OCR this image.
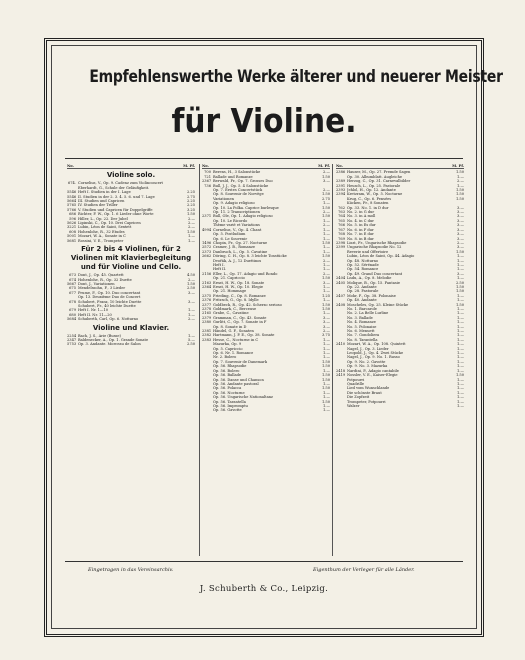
Empfehlenswerthe Werke älterer und neuerer Meister
für Violine.
No.	M. Pf.
Violine solo.
674. Cornelius, V., Op. 9. Cadenz zum Violinconcert
Eberhardt, G., Schule der Geläufigkeit.
5546 Heft I. Studien in der I. Lage	2.25
5546 II. Studien in der 2. 3. 4. 5. 6. und 7. Lage	2.75
5664 III. Studien und Capricen	2.25
5765 IV. Studien der Triller	2.25
5766 V. Studien und Capricen für Doppelgriffe	3.25
686 Richter, F. W., Op. 1. 6 Lieder ohne Worte	1.50
596 Hiller, L., Op. 22. Der Jubel	2.—
5626 Lipinski, C., Op. 10. Drei Capricen	2.—
3221 Lubin, Léon de Saint, Sextett	2.—
608 Hohenlohe, R., 32 Etudes	1.50
5001 Mozart, W. A., Sonate in C	1.—
5681 Rossini, V. E., Trompeter	1.—
Für 2 bis 4 Violinen, für 2 Violinen mit Klavierbegleitung und für Violine und Cello.
673 Dont, J., Op. 45. Quartett	4.50
674 Hohenlohe, R., Op. 32 Duette	2.—
5667 Dont, J., Variationen	1.50
675 Mendelssohn, F., 3 Lieder	2.50
677 Prume, F., Op. 10. Duo concertant	3.—
Op. 13. Deuxième Duo de Concert
678 Schubert, Franz, 10 leichte Duette	3.—
Schubert, Fr., 40 leichte Duette
679 Heft I. Nr. 1—10	1.—
680 Heft II. Nr. 11—20	1.—
5684 Schuberth, Carl, Op. 6. Notturno	2.—
Violine und Klavier.
2254 Bach, J. S., Arie (Busse)	1.—
2347 Baldenecker, A., Op. 1. Grande Sonate	5.—
5753 Op. 3. Andante. Morceau de Salon	2.50
No.	M. Pf.
700 Berens, H., 3 Salonstücke	2.—
721 Ballade und Romanze	1.50
2367 Berwald, Fr., Op. 7. Grosses Duo	3.—
736 Bull, J. J., Op. 5. 4 Salonstücke
Op. 7. Erstes Concertstück	2.—
Op. 8. Souvenir de Norvège	1.50
Variationen	2.75
Op. 9. Adagio religioso	1.—
Op. 10. La Polka. Caprice burlesque	1.50
Op. 11. 2 Transcriptionen	2.—
2371 Bull, Ole, Op. 1. Adagio religioso	1.50
Op. 10. Le Ricordo	1.—
Thème varié et Variations	2.—
4994 Cornelius, V., Op. 4. Chant	1.—
Op. 5. Postludium	1.—
Op. 6. Le Souvenir	1.—
1496 Chopin, Fr., Op. 27. Nocturne	1.50
2572 Cramer, J. B., Romanze	1.—
2373 Danbruch, L., Op. 5. Cavatine	1.—
2662 Döring, C. H., Op. 8. 3 leichte Tonstücke	1.50
Dvořák, A. J., 12 Duettinos	2.—
Heft I.	1.—
Heft II.	1.—
2156 Eller, L., Op. 17. Adagio und Rondo	2.—
Op. 21. Capriccio	1.50
2163 Ernst, H. W., Op. 18. Sonate	3.—
2364 Ernst, H. W., Op. 10. Elegie	1.—
Op. 21. Hommage	1.—
2375 Frieding, C., Op. 8. Romanze	1.25
2376 Fritzsch, G., Op. 8. Idylle	1.—
2377 Goldbeck, R., Op. 42. Scherzo serioso	1.50
2378 Goldmark, C., Berceuse	1.50
2165 Grabe, C., Cavatine	1.—
2379 Gramman, C., Op. 43. Sonate	3.—
2380 Gurlitt, C., Op. 7. Sonate in F	3.—
Op. 8. Sonate in D	3.—
2381 Händel, G. F., Sonaten	2.—
2382 Hartmann, J. P. E., Op. 38. Sonate	3.75
2383 Hesse, C., Nocturne in C	1.—
Mazurka, Op. 9	1.—
Op. 5. Capriccio	1.—
Op. 6. Nr. 1. Romance	1.—
Nr. 2. Bolero	1.—
Op. 7. Souvenir de Danemark	1.50
Op. 56. Rhapsodie	1.50
Op. 56. Bolero	1.—
Op. 56. Ballade	1.50
Op. 56. Danse und Chanson	1.50
Op. 56. Andante pastoral	1.—
Op. 56. Polacca	1.50
Op. 56. Nocturne	1.—
Op. 56. Ungarische Nationaltanz	1.—
Op. 56. Tarantella	1.50
Op. 56. Impromptu	1.—
Op. 56. Gavotte	1.—
No.	M. Pf.
2386 Hauser, M., Op. 27. Fremde Sagen	1.50
Op. 30. Albumblatt. Augleiche	1.—
2389 Herzog, C., Op. 31. Carnevalbilder	2.—
2391 Heusch, L., Op. 25. Pastorale	1.—
2393 Jehlol, H., Op. 12. Andante	1.50
2394 Kretzram, W., Op. 5. Nocturne	1.50
Krug, C., Op. 6. Pensées	1.50
Kücken, Fr., 8 Sonaten
762 Op. 33. No. 1. in D dur	3.—
763 No. 2. in G dur	3.—
764 No. 3. in A moll	3.—
765 No. 4. in C dur	3.—
766 No. 5. in Es dur	3.—
767 No. 6. in F dur	3.—
768 No. 7. in E dur	3.—
769 No. 8. in B dur	3.—
2398 Liszt, Fr., Ungarische Rhapsodie	2.—
2399 Ungarische Rhapsodie No. 12	3.—
Reverie und Offertoire	1.50
Lubin, Léon de Saint, Op. 44. Adagio	1.—
Op. 48. Notturno	1.—
Op. 52. Sérénade	1.—
Op. 54. Romance	1.—
Op. 49. Grand Duo concertant	3.—
2404 Lndu, A., Op. 8. Melodie	1.—
2405 Molique, B., Op. 15. Fantasie	2.50
Op. 22. Andante	1.50
Op. 28. Pastorale	1.50
2407 Mohr, F., Op. 38. Polonaise	1.—
Op. 40. Andante	1.—
2408 Moscheles, Op. 25. Kleine Stücke	1.50
No. 1. Barcarole	1.—
No. 2. La Belle Lurline	1.—
No. 3. Ballade	1.—
No. 4. Romanze	1.—
No. 5. Polonaise	1.—
No. 6. Menuett	1.—
No. 7. Gondoliera	1.—
No. 8. Tarantella	1.—
2410 Mozart, W. A., Op. 108. Quintett	1.—
Nagel, J., Op. 3. Lieder	1.—
Leopold, J., Op. 4. Zwei Stücke	1.—
Nagel, J., Op. 9. No. 1. Russo	1.—
Op. 9. No. 2. Gavotte	1.—
Op. 9. No. 3. Mazurka	1.—
2418 Nardini, P., Adagio cantabile	1.—
2419 Nossler, V. E., Kaiser-Elegie	1.50
Potpourri	1.—
Quadrille	1.—
Lied vom Wunschlande	1.—
Die schönste Braut	1.—
Die Zopfzeit	1.—
Trompeter, Potpourri	1.—
Walzer	1.—
Eingetragen in das Vereinsarchiv.	Eigenthum der Verleger für alle Länder.
J. Schuberth & Co., Leipzig.
